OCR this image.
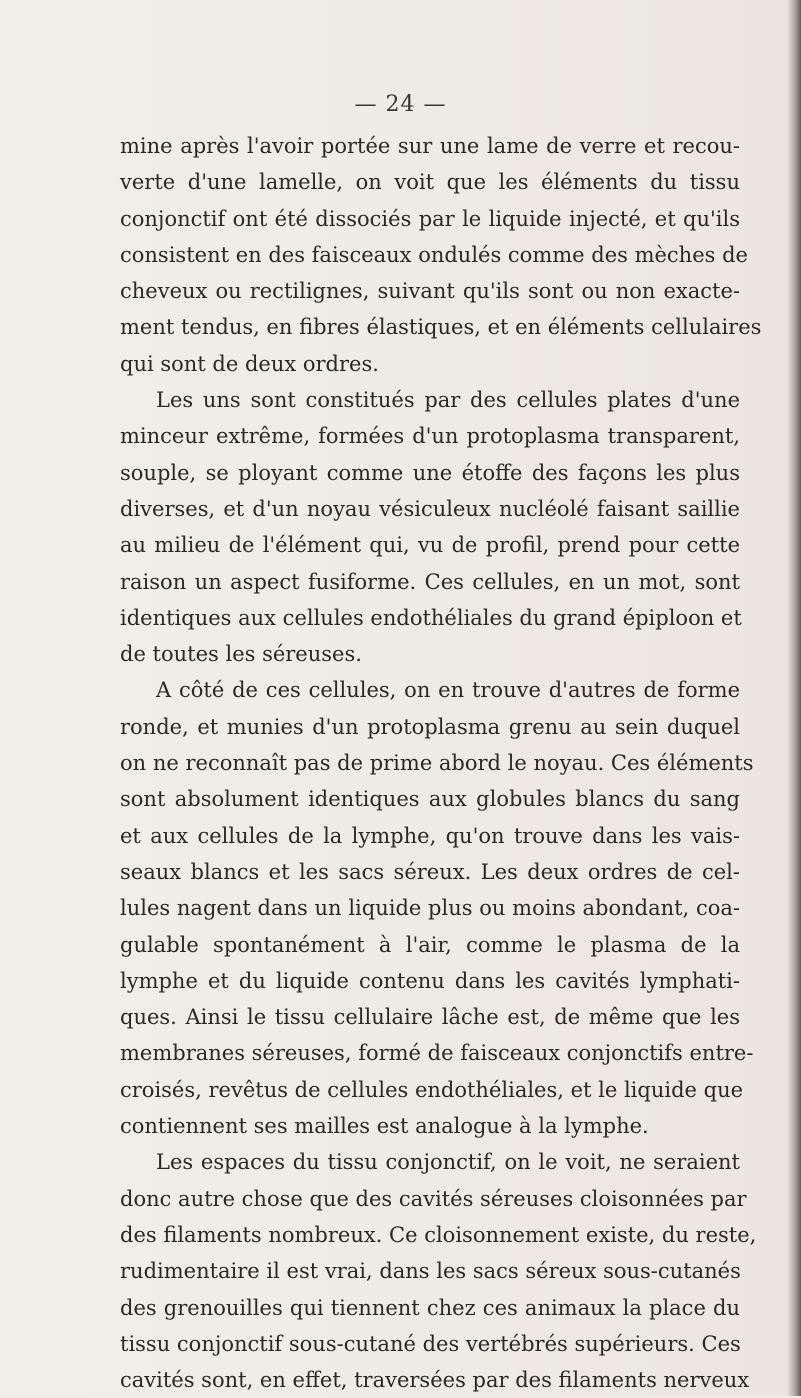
— 24 —
mine après l'avoir portée sur une lame de verre et recou-
verte d'une lamelle, on voit que les éléments du tissu
conjonctif ont été dissociés par le liquide injecté, et qu'ils
consistent en des faisceaux ondulés comme des mèches de
cheveux ou rectilignes, suivant qu'ils sont ou non exacte-
ment tendus, en fibres élastiques, et en éléments cellulaires
qui sont de deux ordres.
Les uns sont constitués par des cellules plates d'une
minceur extrême, formées d'un protoplasma transparent,
souple, se ployant comme une étoffe des façons les plus
diverses, et d'un noyau vésiculeux nucléolé faisant saillie
au milieu de l'élément qui, vu de profil, prend pour cette
raison un aspect fusiforme. Ces cellules, en un mot, sont
identiques aux cellules endothéliales du grand épiploon et
de toutes les séreuses.
A côté de ces cellules, on en trouve d'autres de forme
ronde, et munies d'un protoplasma grenu au sein duquel
on ne reconnaît pas de prime abord le noyau. Ces éléments
sont absolument identiques aux globules blancs du sang
et aux cellules de la lymphe, qu'on trouve dans les vais-
seaux blancs et les sacs séreux. Les deux ordres de cel-
lules nagent dans un liquide plus ou moins abondant, coa-
gulable spontanément à l'air, comme le plasma de la
lymphe et du liquide contenu dans les cavités lymphati-
ques. Ainsi le tissu cellulaire lâche est, de même que les
membranes séreuses, formé de faisceaux conjonctifs entre-
croisés, revêtus de cellules endothéliales, et le liquide que
contiennent ses mailles est analogue à la lymphe.
Les espaces du tissu conjonctif, on le voit, ne seraient
donc autre chose que des cavités séreuses cloisonnées par
des filaments nombreux. Ce cloisonnement existe, du reste,
rudimentaire il est vrai, dans les sacs séreux sous-cutanés
des grenouilles qui tiennent chez ces animaux la place du
tissu conjonctif sous-cutané des vertébrés supérieurs. Ces
cavités sont, en effet, traversées par des filaments nerveux
